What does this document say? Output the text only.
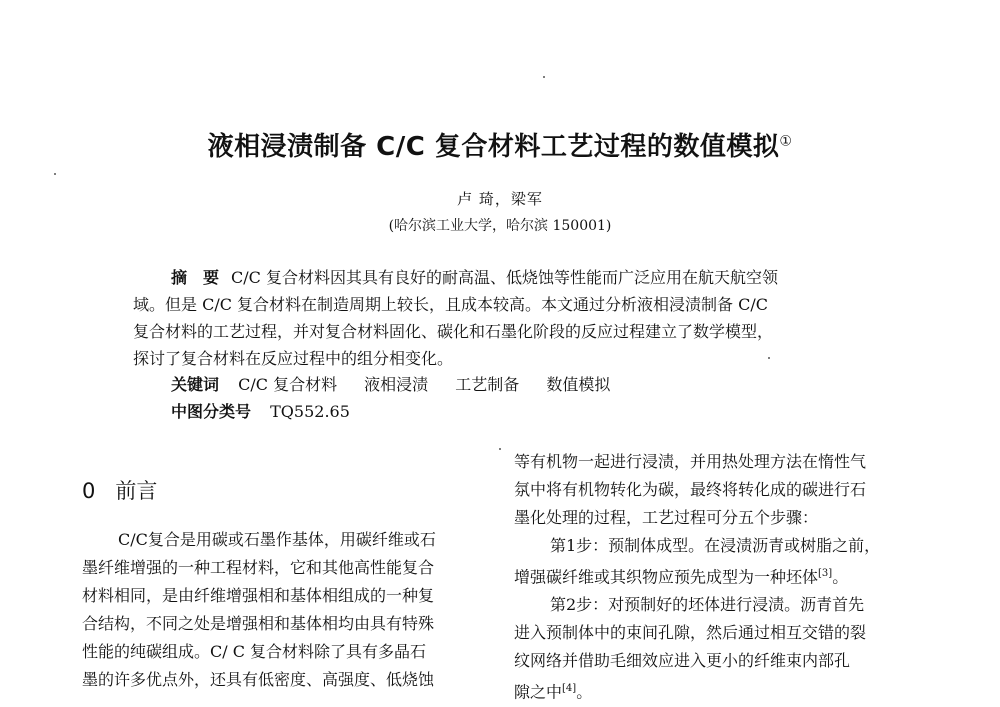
液相浸渍制备 C/C 复合材料工艺过程的数值模拟①
卢 琦，梁军
(哈尔滨工业大学，哈尔滨 150001)
摘　要 C/C 复合材料因其具有良好的耐高温、低烧蚀等性能而广泛应用在航天航空领
域。但是 C/C 复合材料在制造周期上较长，且成本较高。本文通过分析液相浸渍制备 C/C
复合材料的工艺过程，并对复合材料固化、碳化和石墨化阶段的反应过程建立了数学模型，
探讨了复合材料在反应过程中的组分相变化。
关键词 C/C 复合材料 液相浸渍 工艺制备 数值模拟
中图分类号 TQ552.65
0 前言
C/C复合是用碳或石墨作基体，用碳纤维或石
墨纤维增强的一种工程材料，它和其他高性能复合
材料相同，是由纤维增强相和基体相组成的一种复
合结构，不同之处是增强相和基体相均由具有特殊
性能的纯碳组成。C/ C 复合材料除了具有多晶石
墨的许多优点外，还具有低密度、高强度、低烧蚀
等有机物一起进行浸渍，并用热处理方法在惰性气
氛中将有机物转化为碳，最终将转化成的碳进行石
墨化处理的过程，工艺过程可分五个步骤：
第1步：预制体成型。在浸渍沥青或树脂之前，
增强碳纤维或其织物应预先成型为一种坯体[3]。
第2步：对预制好的坯体进行浸渍。沥青首先
进入预制体中的束间孔隙，然后通过相互交错的裂
纹网络并借助毛细效应进入更小的纤维束内部孔
隙之中[4]。
